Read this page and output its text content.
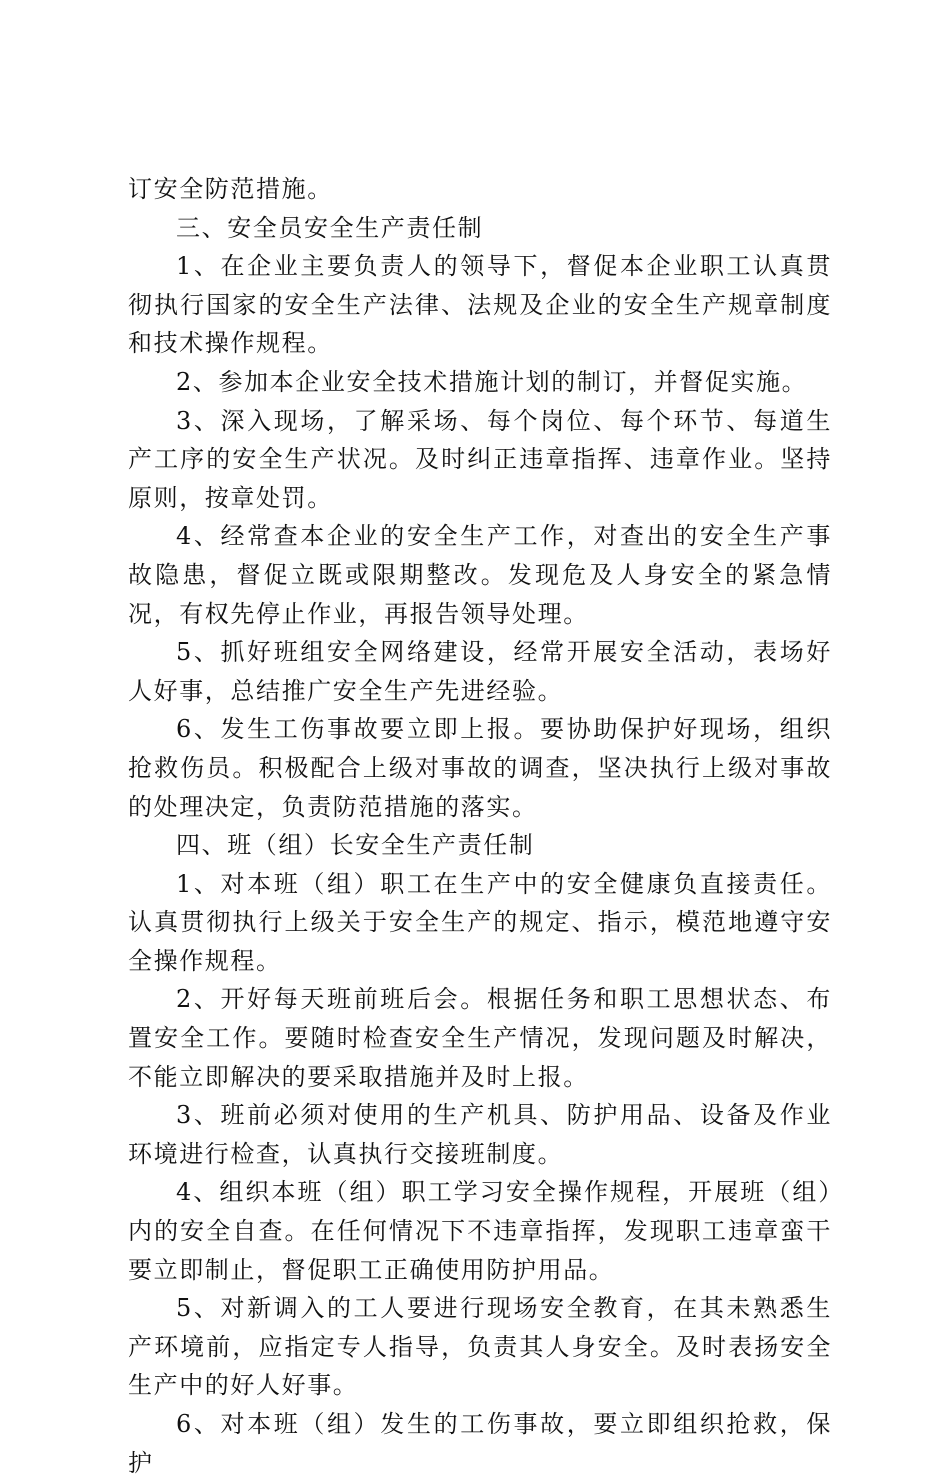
订安全防范措施。

三、安全员安全生产责任制

1、在企业主要负责人的领导下，督促本企业职工认真贯彻执行国家的安全生产法律、法规及企业的安全生产规章制度和技术操作规程。

2、参加本企业安全技术措施计划的制订，并督促实施。

3、深入现场，了解采场、每个岗位、每个环节、每道生产工序的安全生产状况。及时纠正违章指挥、违章作业。坚持原则，按章处罚。

4、经常查本企业的安全生产工作，对查出的安全生产事故隐患，督促立既或限期整改。发现危及人身安全的紧急情况，有权先停止作业，再报告领导处理。

5、抓好班组安全网络建设，经常开展安全活动，表场好人好事，总结推广安全生产先进经验。

6、发生工伤事故要立即上报。要协助保护好现场，组织抢救伤员。积极配合上级对事故的调查，坚决执行上级对事故的处理决定，负责防范措施的落实。

四、班（组）长安全生产责任制

1、对本班（组）职工在生产中的安全健康负直接责任。认真贯彻执行上级关于安全生产的规定、指示，模范地遵守安全操作规程。

2、开好每天班前班后会。根据任务和职工思想状态、布置安全工作。要随时检查安全生产情况，发现问题及时解决，不能立即解决的要采取措施并及时上报。

3、班前必须对使用的生产机具、防护用品、设备及作业环境进行检查，认真执行交接班制度。

4、组织本班（组）职工学习安全操作规程，开展班（组）内的安全自查。在任何情况下不违章指挥，发现职工违章蛮干要立即制止，督促职工正确使用防护用品。

5、对新调入的工人要进行现场安全教育，在其未熟悉生产环境前，应指定专人指导，负责其人身安全。及时表扬安全生产中的好人好事。

6、对本班（组）发生的工伤事故，要立即组织抢救，保护
